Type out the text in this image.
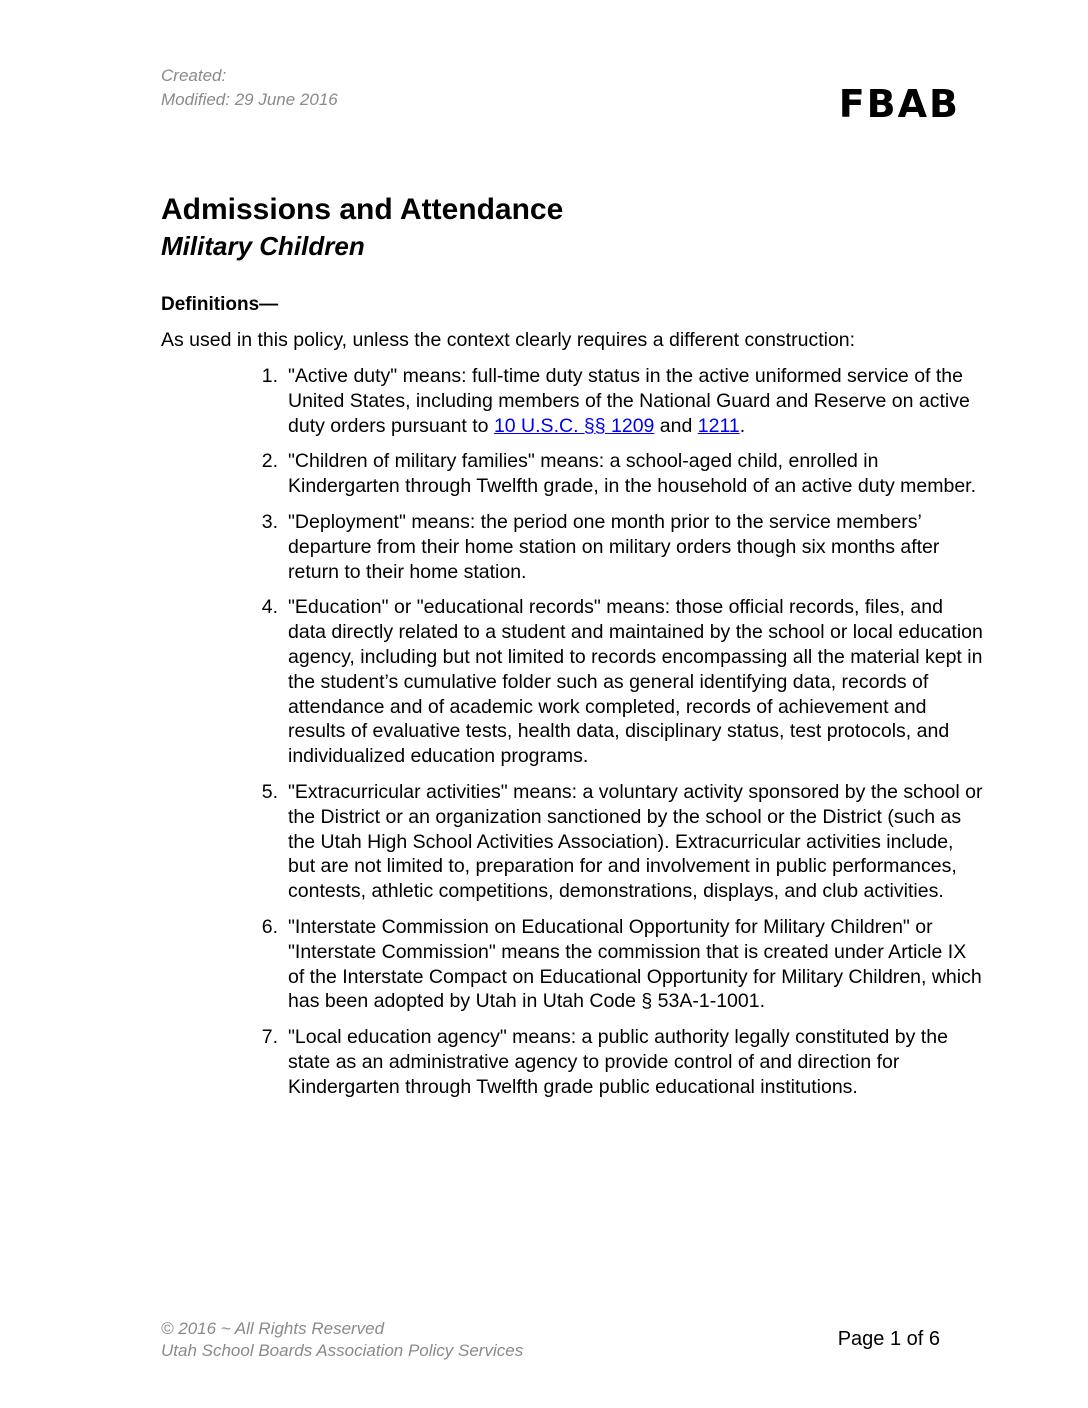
Created:
Modified: 29 June 2016	FBAB
Admissions and Attendance
Military Children
Definitions—
As used in this policy, unless the context clearly requires a different construction:
1. "Active duty" means: full-time duty status in the active uniformed service of the United States, including members of the National Guard and Reserve on active duty orders pursuant to 10 U.S.C. §§ 1209 and 1211.
2. "Children of military families" means: a school-aged child, enrolled in Kindergarten through Twelfth grade, in the household of an active duty member.
3. "Deployment" means: the period one month prior to the service members’ departure from their home station on military orders though six months after return to their home station.
4. "Education" or "educational records" means: those official records, files, and data directly related to a student and maintained by the school or local education agency, including but not limited to records encompassing all the material kept in the student’s cumulative folder such as general identifying data, records of attendance and of academic work completed, records of achievement and results of evaluative tests, health data, disciplinary status, test protocols, and individualized education programs.
5. "Extracurricular activities" means: a voluntary activity sponsored by the school or the District or an organization sanctioned by the school or the District (such as the Utah High School Activities Association). Extracurricular activities include, but are not limited to, preparation for and involvement in public performances, contests, athletic competitions, demonstrations, displays, and club activities.
6. "Interstate Commission on Educational Opportunity for Military Children" or "Interstate Commission" means the commission that is created under Article IX of the Interstate Compact on Educational Opportunity for Military Children, which has been adopted by Utah in Utah Code § 53A-1-1001.
7. "Local education agency" means: a public authority legally constituted by the state as an administrative agency to provide control of and direction for Kindergarten through Twelfth grade public educational institutions.
© 2016 ~ All Rights Reserved
Utah School Boards Association Policy Services
Page 1 of 6
